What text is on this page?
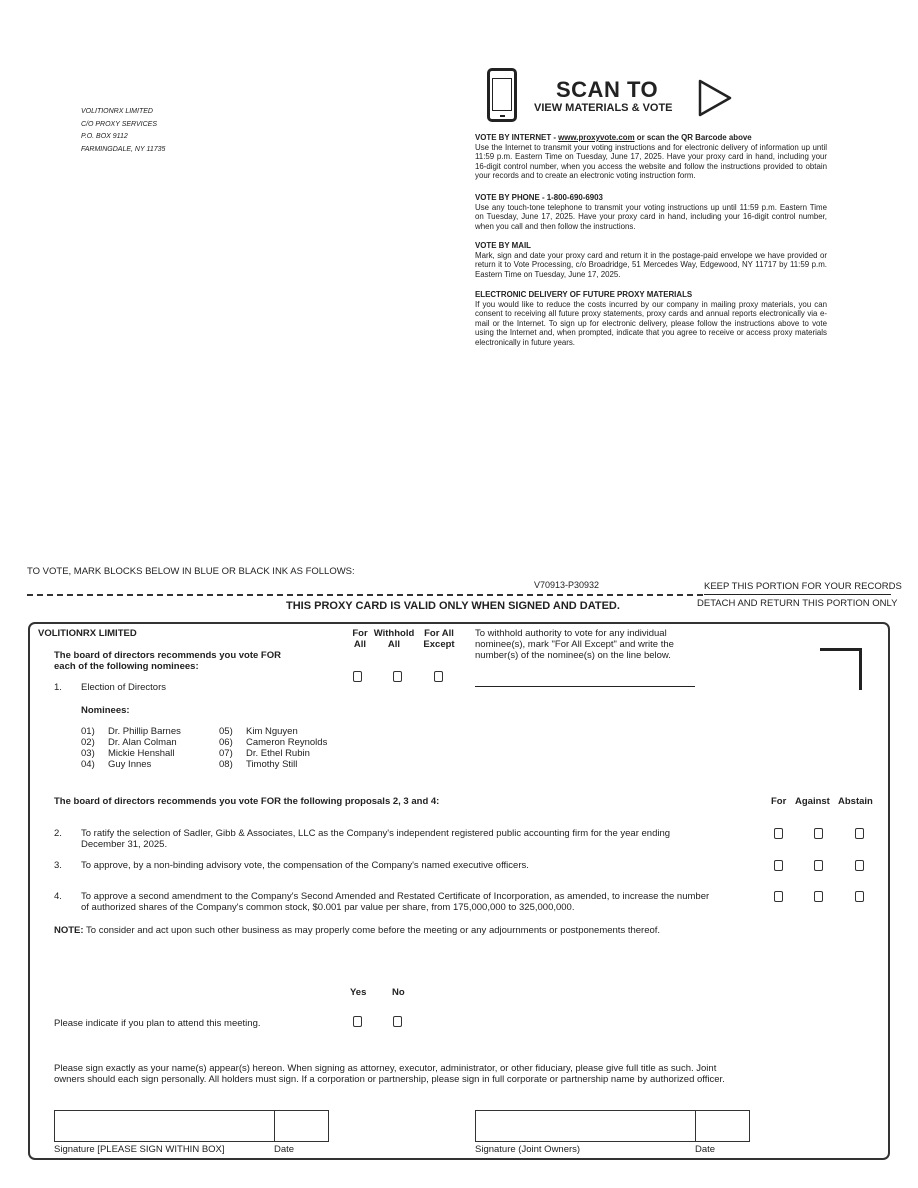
VOLITIONRX LIMITED
C/O PROXY SERVICES
P.O. BOX 9112
FARMINGDALE, NY 11735
SCAN TO
VIEW MATERIALS & VOTE
VOTE BY INTERNET - www.proxyvote.com or scan the QR Barcode above
Use the Internet to transmit your voting instructions and for electronic delivery of information up until 11:59 p.m. Eastern Time on Tuesday, June 17, 2025. Have your proxy card in hand, including your 16-digit control number, when you access the website and follow the instructions provided to obtain your records and to create an electronic voting instruction form.
VOTE BY PHONE - 1-800-690-6903
Use any touch-tone telephone to transmit your voting instructions up until 11:59 p.m. Eastern Time on Tuesday, June 17, 2025. Have your proxy card in hand, including your 16-digit control number, when you call and then follow the instructions.
VOTE BY MAIL
Mark, sign and date your proxy card and return it in the postage-paid envelope we have provided or return it to Vote Processing, c/o Broadridge, 51 Mercedes Way, Edgewood, NY 11717 by 11:59 p.m. Eastern Time on Tuesday, June 17, 2025.
ELECTRONIC DELIVERY OF FUTURE PROXY MATERIALS
If you would like to reduce the costs incurred by our company in mailing proxy materials, you can consent to receiving all future proxy statements, proxy cards and annual reports electronically via e-mail or the Internet. To sign up for electronic delivery, please follow the instructions above to vote using the Internet and, when prompted, indicate that you agree to receive or access proxy materials electronically in future years.
TO VOTE, MARK BLOCKS BELOW IN BLUE OR BLACK INK AS FOLLOWS:
V70913-P30932	KEEP THIS PORTION FOR YOUR RECORDS
DETACH AND RETURN THIS PORTION ONLY
THIS PROXY CARD IS VALID ONLY WHEN SIGNED AND DATED.
VOLITIONRX LIMITED
The board of directors recommends you vote FOR
each of the following nominees:
For
All
Withhold
All
For All
Except
To withhold authority to vote for any individual
nominee(s), mark "For All Except" and write the
number(s) of the nominee(s) on the line below.
1. Election of Directors
Nominees:
01) Dr. Phillip Barnes
02) Dr. Alan Colman
03) Mickie Henshall
04) Guy Innes
05) Kim Nguyen
06) Cameron Reynolds
07) Dr. Ethel Rubin
08) Timothy Still
The board of directors recommends you vote FOR the following proposals 2, 3 and 4:	For Against Abstain
2. To ratify the selection of Sadler, Gibb & Associates, LLC as the Company's independent registered public accounting firm for the year ending
December 31, 2025.
3. To approve, by a non-binding advisory vote, the compensation of the Company's named executive officers.
4. To approve a second amendment to the Company's Second Amended and Restated Certificate of Incorporation, as amended, to increase the number
of authorized shares of the Company's common stock, $0.001 par value per share, from 175,000,000 to 325,000,000.
NOTE: To consider and act upon such other business as may properly come before the meeting or any adjournments or postponements thereof.
Yes	No
Please indicate if you plan to attend this meeting.
Please sign exactly as your name(s) appear(s) hereon. When signing as attorney, executor, administrator, or other fiduciary, please give full title as such. Joint
owners should each sign personally. All holders must sign. If a corporation or partnership, please sign in full corporate or partnership name by authorized officer.
Signature [PLEASE SIGN WITHIN BOX]	Date	Signature (Joint Owners)	Date
